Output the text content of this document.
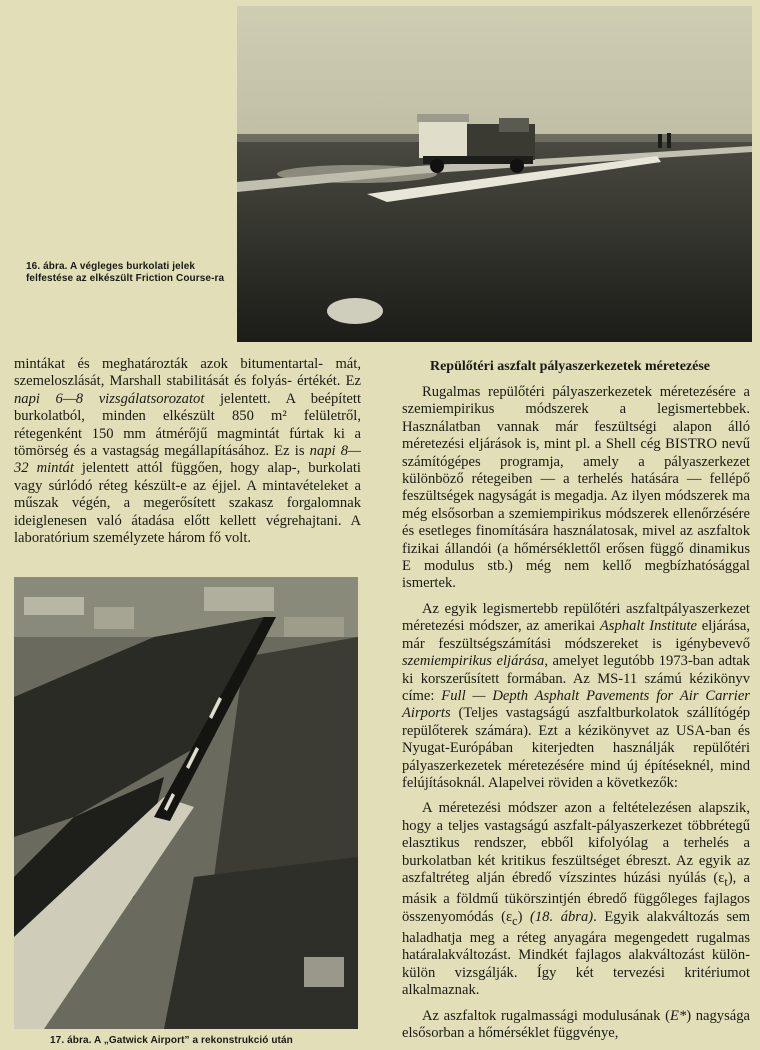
16. ábra. A végleges burkolati jelek
felfestése az elkészült Friction Course-ra

mintákat és meghatározták azok bitumentartal- mát, szemeloszlását, Marshall stabilitását és folyás- értékét. Ez napi 6—8 vizsgálatsorozatot jelentett. A beépített burkolatból, minden elkészült 850 m² felületről, rétegenként 150 mm átmérőjű magmintát fúrtak ki a tömörség és a vastagság megállapításához. Ez is napi 8—32 mintát jelentett attól függően, hogy alap-, burkolati vagy súrlódó réteg készült-e az éjjel. A mintavételeket a műszak végén, a megerősített szakasz forgalomnak ideiglenesen való átadása előtt kellett végrehajtani. A laboratórium személyzete három fő volt.

17. ábra. A „Gatwick Airport” a rekonstrukció után
Repülőtéri aszfalt pályaszerkezetek méretezése

Rugalmas repülőtéri pályaszerkezetek méretezésére a szemiempirikus módszerek a legismertebbek. Használatban vannak már feszültségi alapon álló méretezési eljárások is, mint pl. a Shell cég BISTRO nevű számítógépes programja, amely a pályaszerkezet különböző rétegeiben — a terhelés hatására — fellépő feszültségek nagyságát is megadja. Az ilyen módszerek ma még elsősorban a szemiempirikus módszerek ellenőrzésére és esetleges finomítására használatosak, mivel az aszfaltok fizikai állandói (a hőmérséklettől erősen függő dinamikus E modulus stb.) még nem kellő megbízhatósággal ismertek.

Az egyik legismertebb repülőtéri aszfaltpályaszerkezet méretezési módszer, az amerikai Asphalt Institute eljárása, már feszültségszámítási módszereket is igénybevevő szemiempirikus eljárása, amelyet legutóbb 1973-ban adtak ki korszerűsített formában. Az MS-11 számú kézikönyv címe: Full — Depth Asphalt Pavements for Air Carrier Airports (Teljes vastagságú aszfaltburkolatok szállítógép repülőterek számára). Ezt a kézikönyvet az USA-ban és Nyugat-Európában kiterjedten használják repülőtéri pályaszerkezetek méretezésére mind új építéseknél, mind felújításoknál. Alapelvei röviden a következők:

A méretezési módszer azon a feltételezésen alapszik, hogy a teljes vastagságú aszfalt-pályaszerkezet többrétegű elasztikus rendszer, ebből kifolyólag a terhelés a burkolatban két kritikus feszültséget ébreszt. Az egyik az aszfaltréteg alján ébredő vízszintes húzási nyúlás $(\varepsilon_t)$, a másik a földmű tükörszintjén ébredő függőleges fajlagos összenyomódás $(\varepsilon_c)$ (18. ábra). Egyik alakváltozás sem haladhatja meg a réteg anyagára megengedett rugalmas határalakváltozást. Mindkét fajlagos alakváltozást külön-külön vizsgálják. Így két tervezési kritériumot alkalmaznak.

Az aszfaltok rugalmassági modulusának (E*) nagysága elsősorban a hőmérséklet függvénye,
